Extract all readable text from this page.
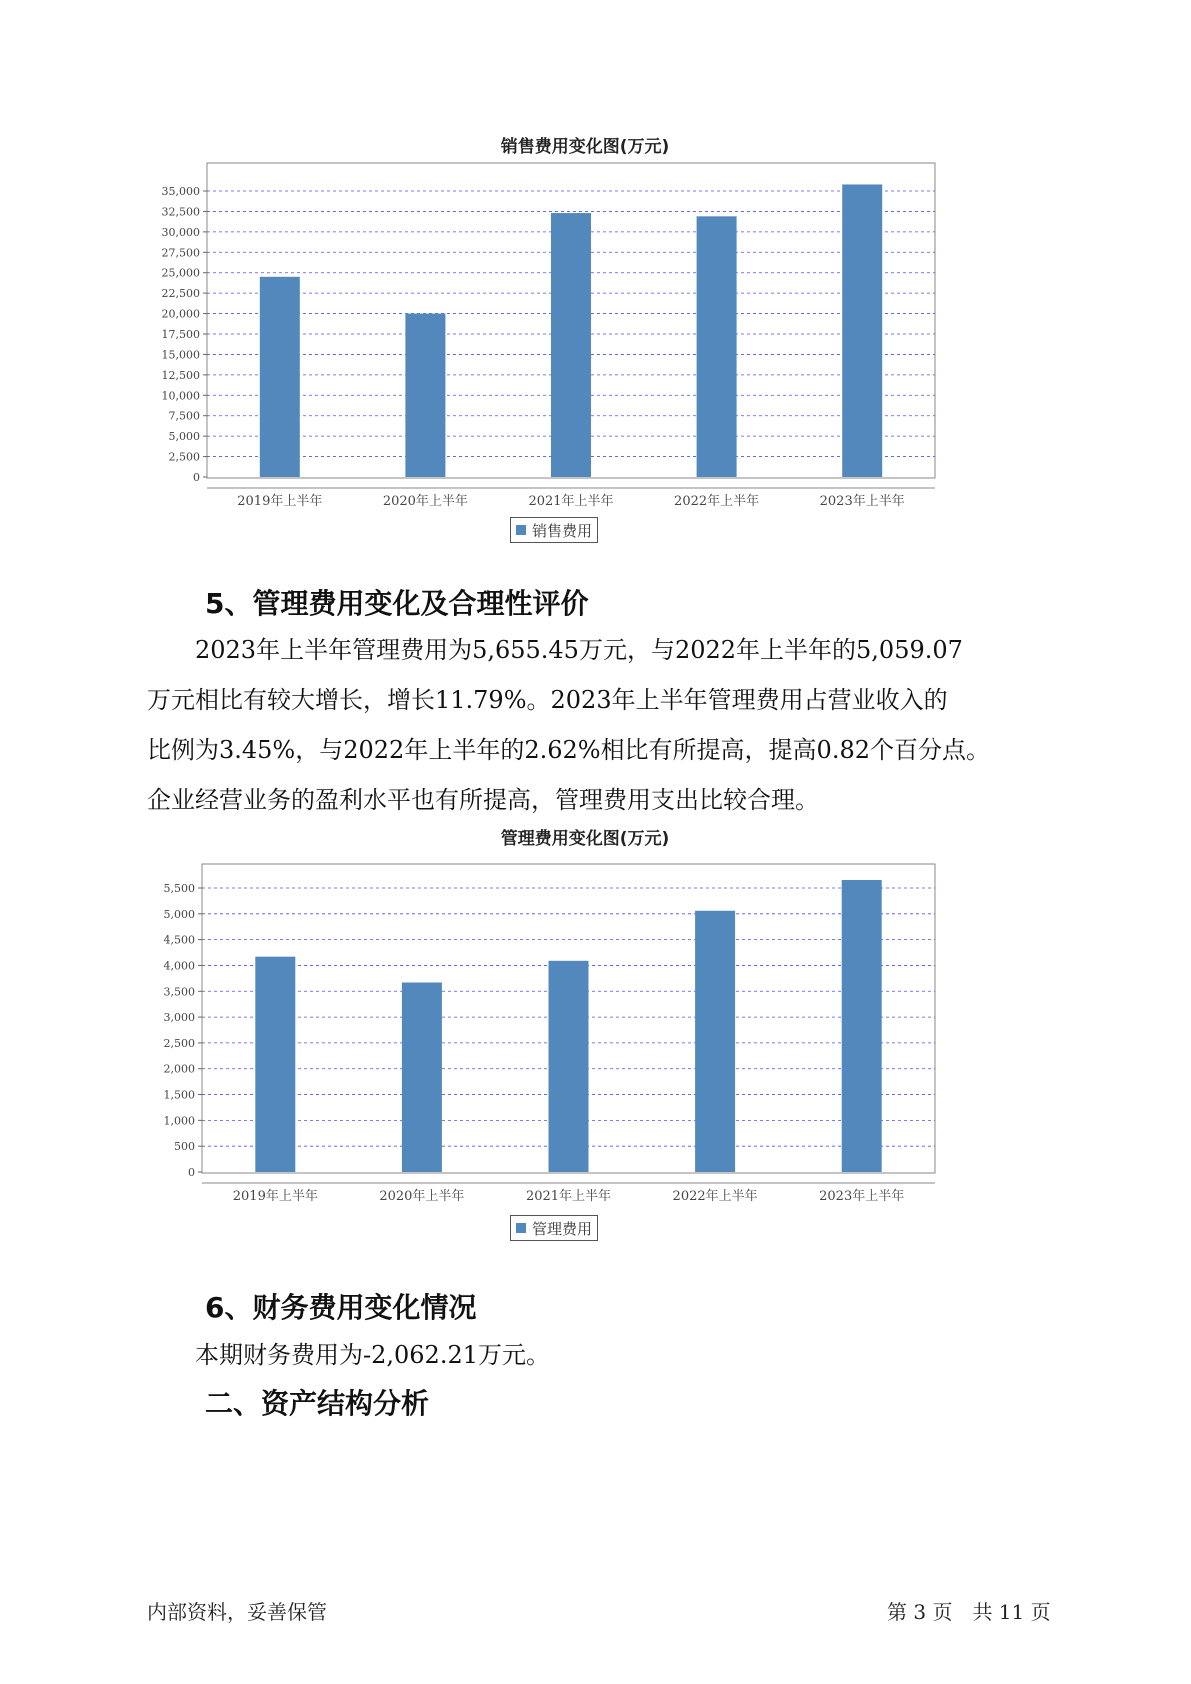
销售费用变化图(万元)
0
2,500
5,000
7,500
10,000
12,500
15,000
17,500
20,000
22,500
25,000
27,500
30,000
32,500
35,000
2019年上半年	2020年上半年	2021年上半年	2022年上半年	2023年上半年
销售费用
5、管理费用变化及合理性评价
　　2023年上半年管理费用为5,655.45万元，与2022年上半年的5,059.07
万元相比有较大增长，增长11.79%。2023年上半年管理费用占营业收入的
比例为3.45%，与2022年上半年的2.62%相比有所提高，提高0.82个百分点。
企业经营业务的盈利水平也有所提高，管理费用支出比较合理。
管理费用变化图(万元)
0
500
1,000
1,500
2,000
2,500
3,000
3,500
4,000
4,500
5,000
5,500
2019年上半年	2020年上半年	2021年上半年	2022年上半年	2023年上半年
管理费用
6、财务费用变化情况
　　本期财务费用为-2,062.21万元。
二、资产结构分析
内部资料，妥善保管	第 3 页　共 11 页
